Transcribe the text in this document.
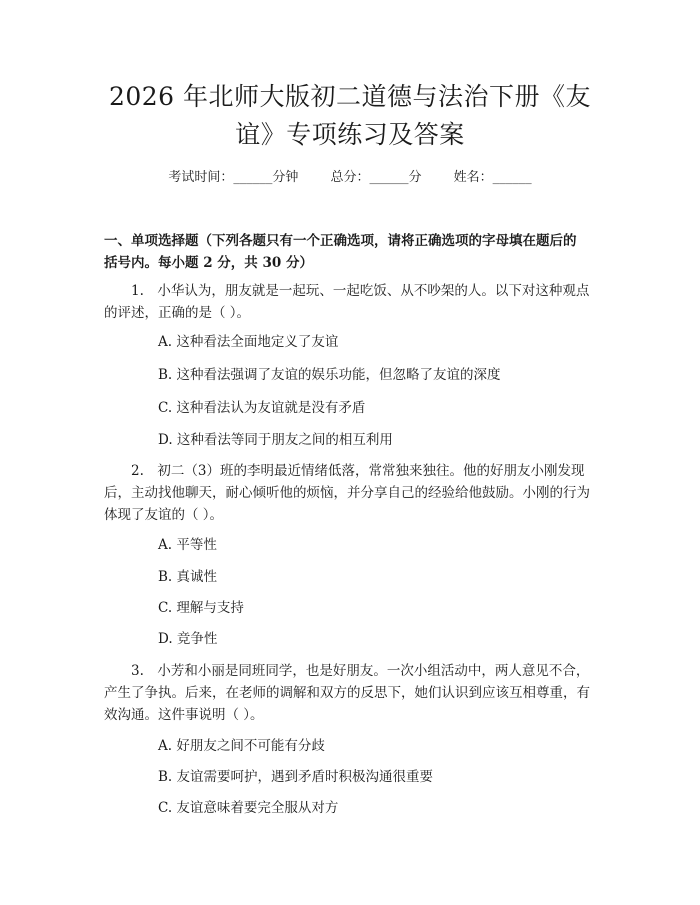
2026 年北师大版初二道德与法治下册《友
谊》专项练习及答案
考试时间：______分钟 总分：______分 姓名：______
一、单项选择题（下列各题只有一个正确选项，请将正确选项的字母填在题后的
括号内。每小题 2 分，共 30 分）
1.　小华认为，朋友就是一起玩、一起吃饭、从不吵架的人。以下对这种观点
的评述，正确的是（ ）。
A. 这种看法全面地定义了友谊
B. 这种看法强调了友谊的娱乐功能，但忽略了友谊的深度
C. 这种看法认为友谊就是没有矛盾
D. 这种看法等同于朋友之间的相互利用
2.　初二（3）班的李明最近情绪低落，常常独来独往。他的好朋友小刚发现
后，主动找他聊天，耐心倾听他的烦恼，并分享自己的经验给他鼓励。小刚的行为
体现了友谊的（ ）。
A. 平等性
B. 真诚性
C. 理解与支持
D. 竞争性
3.　小芳和小丽是同班同学，也是好朋友。一次小组活动中，两人意见不合，
产生了争执。后来，在老师的调解和双方的反思下，她们认识到应该互相尊重，有
效沟通。这件事说明（ ）。
A. 好朋友之间不可能有分歧
B. 友谊需要呵护，遇到矛盾时积极沟通很重要
C. 友谊意味着要完全服从对方
